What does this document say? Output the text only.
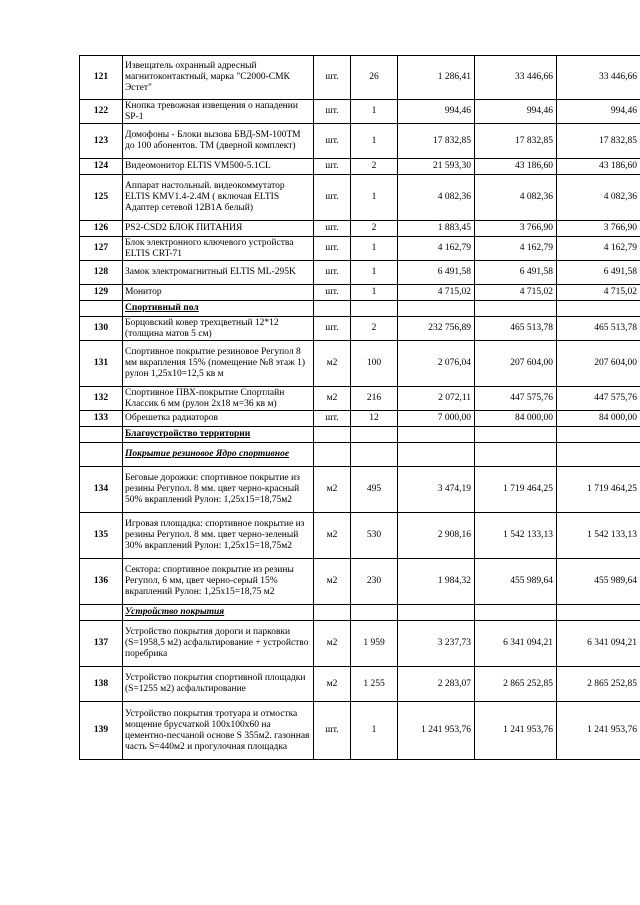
121	Извещатель охранный адресный магнитоконтактный, марка "С2000-СМК Эстет"	шт.	26	1 286,41	33 446,66	33 446,66
122	Кнопка тревожная извещения о нападении SP-1	шт.	1	994,46	994,46	994,46
123	Домофоны - Блоки вызова БВД-SM-100ТМ до 100 абонентов. ТМ (дверной комплект)	шт.	1	17 832,85	17 832,85	17 832,85
124	Видеомонитор ELTIS VM500-5.1CL	шт.	2	21 593,30	43 186,60	43 186,60
125	Аппарат настольный. видеокоммутатор ELTIS KMV1.4-2.4M ( включая ELTIS Адаптер сетевой 12В1А белый)	шт.	1	4 082,36	4 082,36	4 082,36
126	PS2-CSD2 БЛОК ПИТАНИЯ	шт.	2	1 883,45	3 766,90	3 766,90
127	Блок электронного ключевого устройства ELTIS CRT-71	шт.	1	4 162,79	4 162,79	4 162,79
128	Замок электромагнитный ELTIS ML-295K	шт.	1	6 491,58	6 491,58	6 491,58
129	Монитор	шт.	1	4 715,02	4 715,02	4 715,02
	Спортивный пол					
130	Борцовский ковер трехцветный 12*12 (толщина матов 5 см)	шт.	2	232 756,89	465 513,78	465 513,78
131	Спортивное покрытие резиновое Регупол 8 мм вкрапления 15% (помещение №8 этаж 1) рулон 1,25х10=12,5 кв м	м2	100	2 076,04	207 604,00	207 604,00
132	Спортивное ПВХ-покрытие Спортлайн Классик 6 мм (рулон 2х18 м=36 кв м)	м2	216	2 072,11	447 575,76	447 575,76
133	Обрешетка радиаторов	шт.	12	7 000,00	84 000,00	84 000,00
	Благоустройство территории					
	Покрытие резиновое Ядро спортивное					
134	Беговые дорожки: спортивное покрытие из резины Регупол. 8 мм. цвет черно-красный 50% вкраплений Рулон: 1,25х15=18,75м2	м2	495	3 474,19	1 719 464,25	1 719 464,25
135	Игровая площадка: спортивное покрытие из резины Регупол. 8 мм. цвет черно-зеленый 30% вкраплений Рулон: 1,25х15=18,75м2	м2	530	2 908,16	1 542 133,13	1 542 133,13
136	Сектора: спортивное покрытие из резины Регупол, 6 мм, цвет черно-серый 15% вкраплений Рулон: 1,25х15=18,75 м2	м2	230	1 984,32	455 989,64	455 989,64
	Устройство покрытия					
137	Устройство покрытия дороги и парковки (S=1958,5 м2) асфальтирование + устройство поребрика	м2	1 959	3 237,73	6 341 094,21	6 341 094,21
138	Устройство покрытия спортивной площадки (S=1255 м2) асфальтирование	м2	1 255	2 283,07	2 865 252,85	2 865 252,85
139	Устройство покрытия тротуара и отмостка мощение брусчаткой 100х100х60 на цементно-песчаной основе S 355м2. газонная часть S=440м2 и прогулочная площадка	шт.	1	1 241 953,76	1 241 953,76	1 241 953,76
